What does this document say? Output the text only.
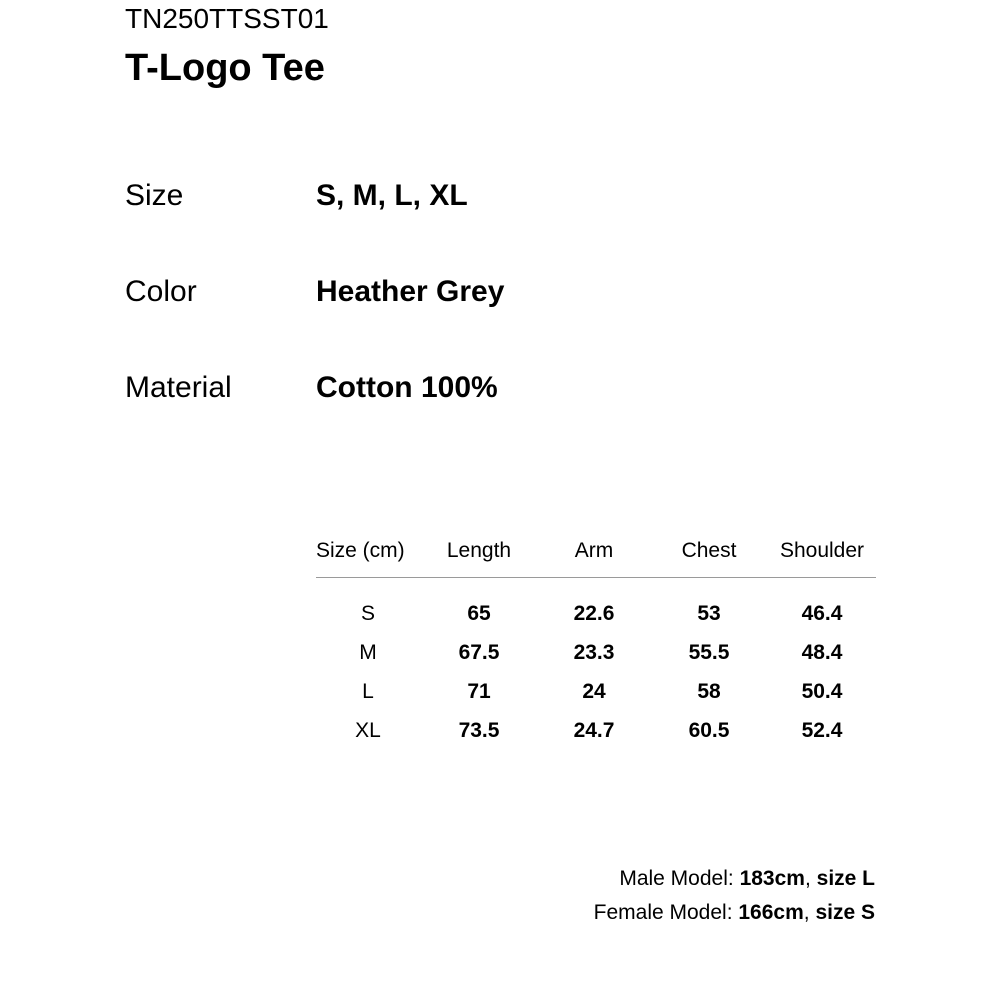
TN250TTSST01
T-Logo Tee
Size	S, M, L, XL
Color	Heather Grey
Material	Cotton 100%
Size (cm)	Length	Arm	Chest	Shoulder
S	65	22.6	53	46.4
M	67.5	23.3	55.5	48.4
L	71	24	58	50.4
XL	73.5	24.7	60.5	52.4
Male Model: 183cm, size L
Female Model: 166cm, size S
